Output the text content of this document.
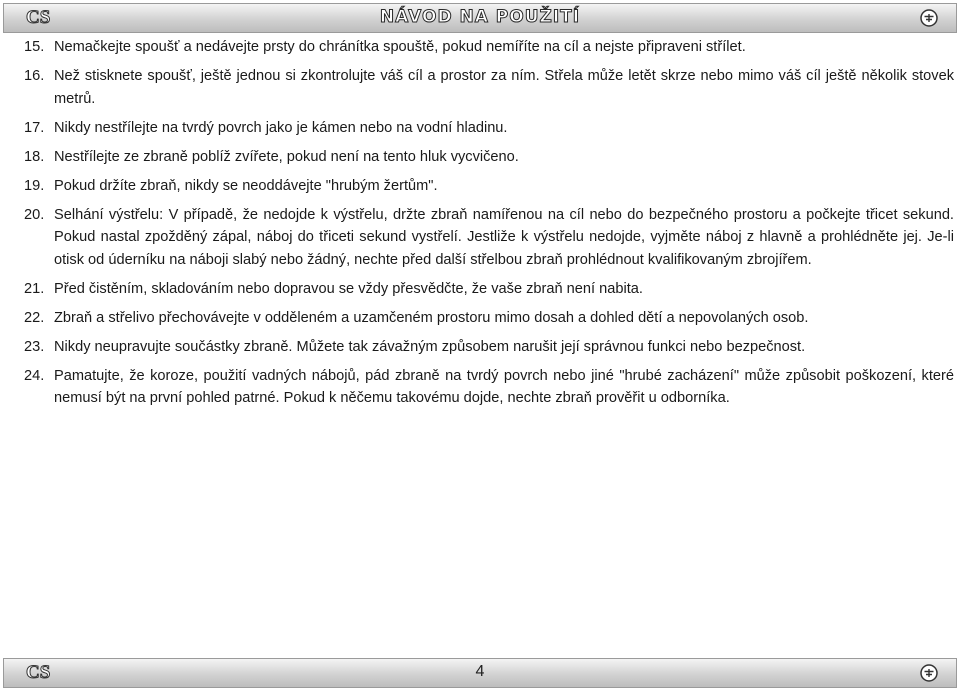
CS	NÁVOD NA POUŽITÍ
15. Nemačkejte spoušť a nedávejte prsty do chránítka spouště, pokud nemíříte na cíl a nejste připraveni střílet.
16. Než stisknete spoušť, ještě jednou si zkontrolujte váš cíl a prostor za ním. Střela může letět skrze nebo mimo váš cíl ještě několik stovek metrů.
17. Nikdy nestřílejte na tvrdý povrch jako je kámen nebo na vodní hladinu.
18. Nestřílejte ze zbraně poblíž zvířete, pokud není na tento hluk vycvičeno.
19. Pokud držíte zbraň, nikdy se neoddávejte "hrubým žertům".
20. Selhání výstřelu: V případě, že nedojde k výstřelu, držte zbraň namířenou na cíl nebo do bezpečného prostoru a počkejte třicet sekund. Pokud nastal zpožděný zápal, náboj do třiceti sekund vystřelí. Jestliže k výstřelu nedojde, vyjměte náboj z hlavně a prohlédněte jej. Je-li otisk od úderníku na náboji slabý nebo žádný, nechte před další střelbou zbraň prohlédnout kvalifikovaným zbrojířem.
21. Před čistěním, skladováním nebo dopravou se vždy přesvědčte, že vaše zbraň není nabita.
22. Zbraň a střelivo přechovávejte v odděleném a uzamčeném prostoru mimo dosah a dohled dětí a nepovolaných osob.
23. Nikdy neupravujte součástky zbraně. Můžete tak závažným způsobem narušit její správnou funkci nebo bezpečnost.
24. Pamatujte, že koroze, použití vadných nábojů, pád zbraně na tvrdý povrch nebo jiné "hrubé zacházení" může způsobit poškození, které nemusí být na první pohled patrné. Pokud k něčemu takovému dojde, nechte zbraň prověřit u odborníka.
CS	4
